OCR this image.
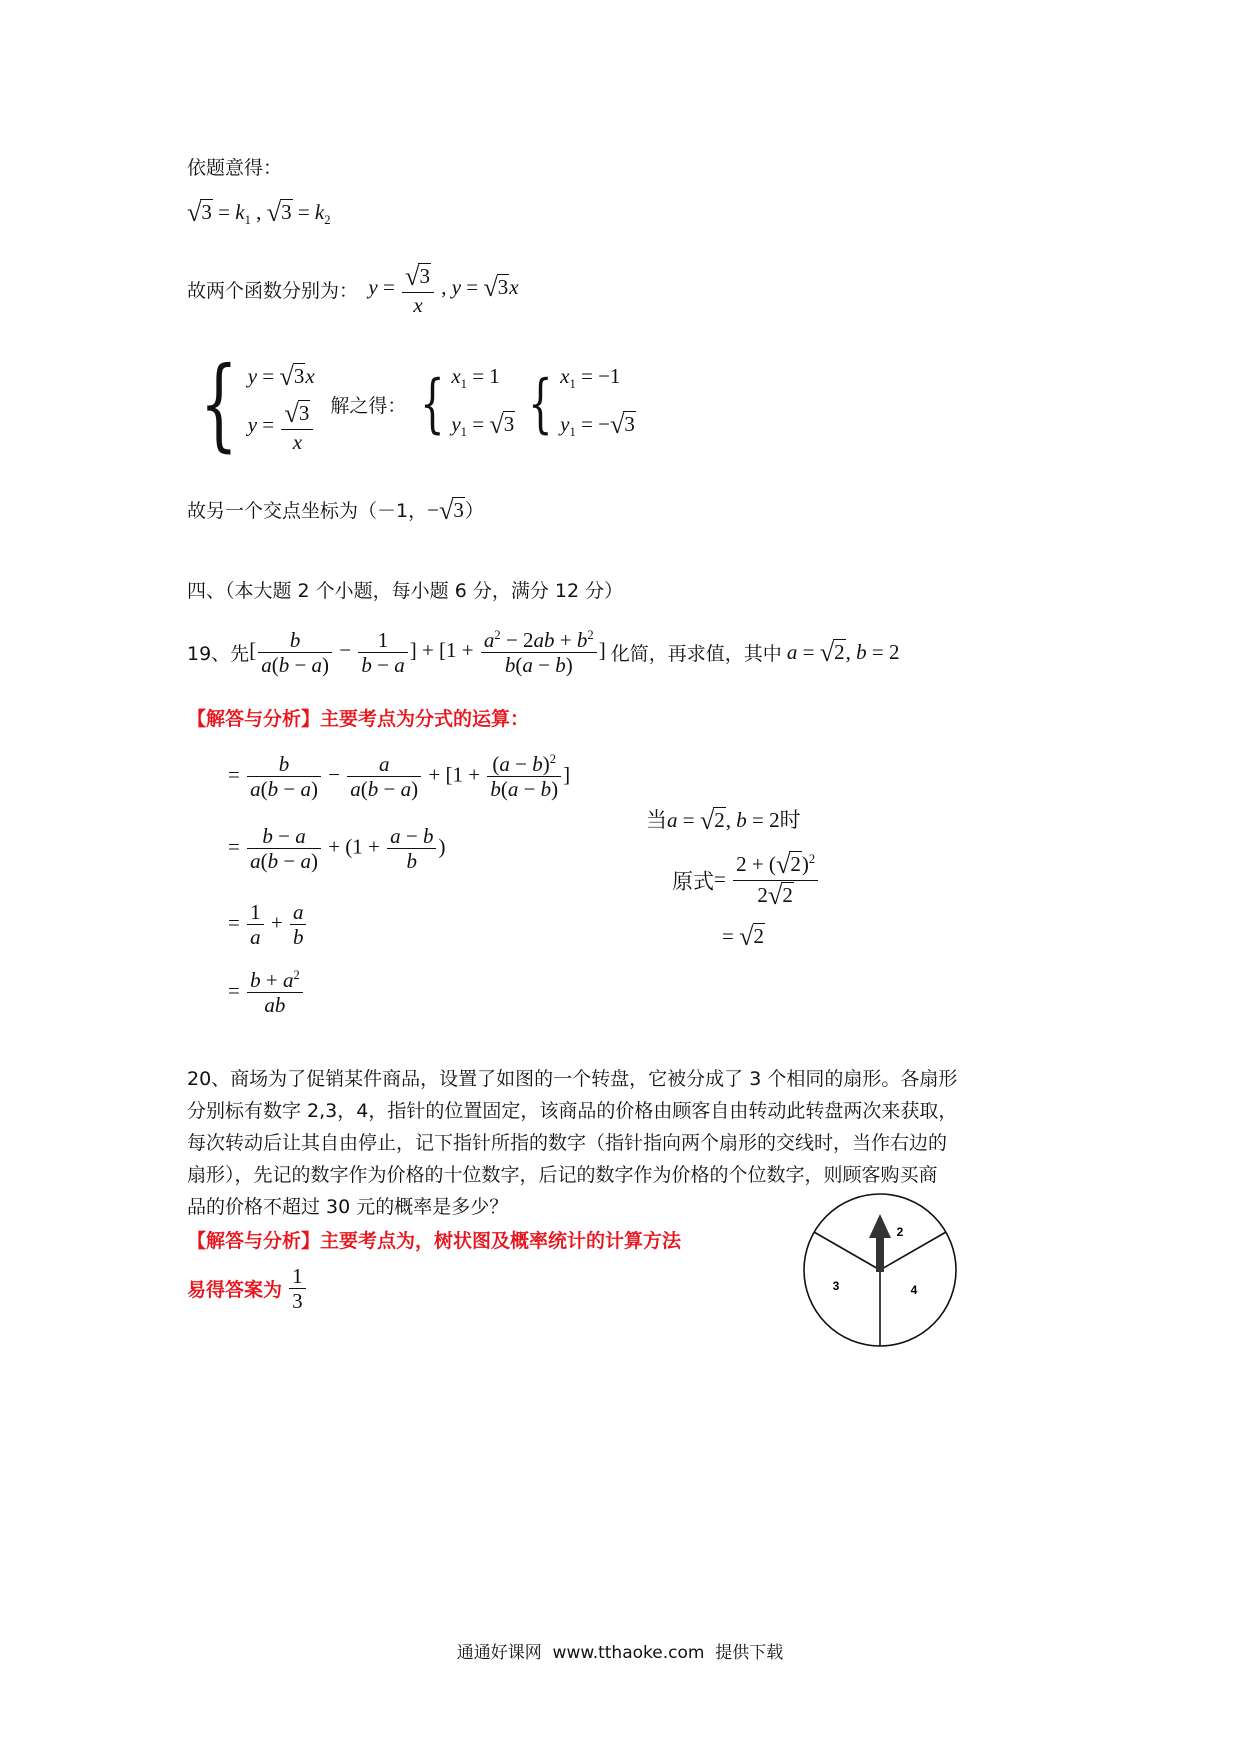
依题意得：
$√3 = k_1$ , $√3 = k_2$
故两个函数分别为： $y = \frac{√3}{x}$ , y = √3x
{ y = √3x
$y = \frac{√3}{x}$ 解之得： { $x_1 = 1$
$y_1 = √3$ { $x_1 = -1$
$y_1 = -√3$
故另一个交点坐标为（－1，−√3）
四、（本大题 2 个小题，每小题 6 分，满分 12 分）
19、先[ $\frac{b}{a(b - a)} - \frac{1}{b - a}$ ] + [$1 + \frac{a^2 - 2ab + b^2}{b(a - b)}$ ] 化简，再求值，其中 a = √2, b = 2
【解答与分析】主要考点为分式的运算：
= $\frac{b}{a(b - a)} - \frac{a}{a(b - a)} + [1 + \frac{(a - b)^2}{b(a - b)}$ ]
= $\frac{b - a}{a(b - a)} + (1 + \frac{a - b}{b}$ )
= $\frac{1}{a} + \frac{a}{b}$
= $\frac{b + a^2}{ab}$
当a = √2, b = 2时
原式= $\frac{2 + (√2)^2}{2√2}$
= √2
20、商场为了促销某件商品，设置了如图的一个转盘，它被分成了 3 个相同的扇形。各扇形
分别标有数字 2,3，4，指针的位置固定，该商品的价格由顾客自由转动此转盘两次来获取，
每次转动后让其自由停止，记下指针所指的数字（指针指向两个扇形的交线时，当作右边的
扇形），先记的数字作为价格的十位数字，后记的数字作为价格的个位数字，则顾客购买商
品的价格不超过 30 元的概率是多少？
【解答与分析】主要考点为，树状图及概率统计的计算方法
易得答案为 $\frac{1}{3}$
2
3	4
通通好课网  www.tthaoke.com  提供下载
